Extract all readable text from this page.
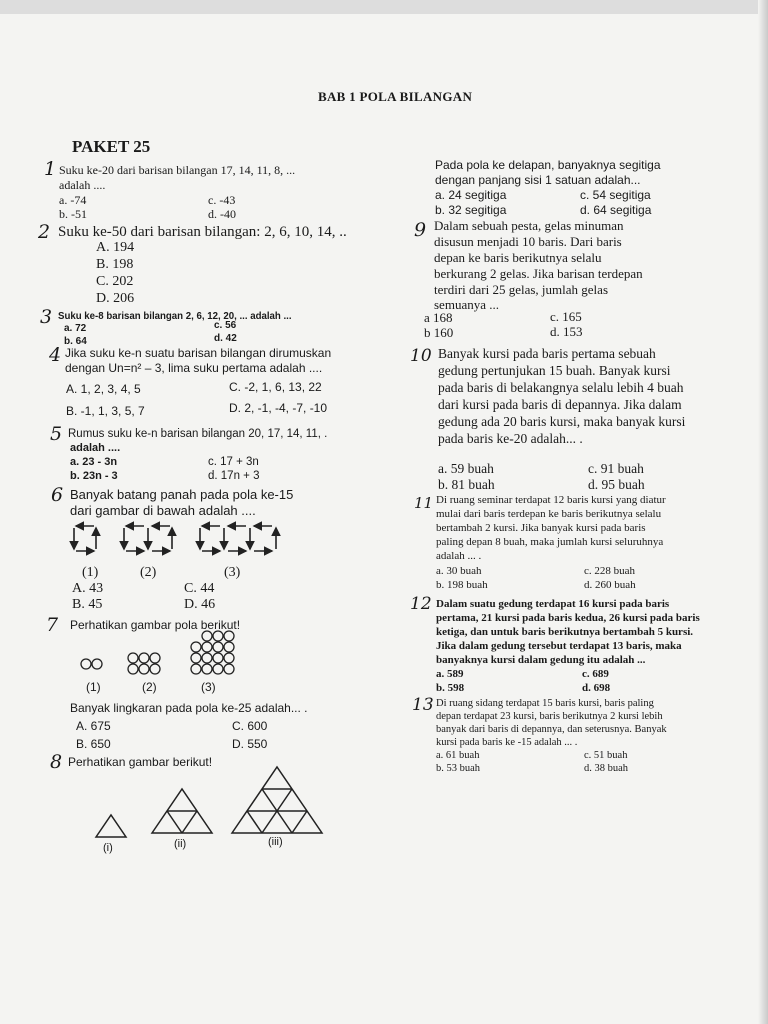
BAB 1 POLA BILANGAN
PAKET 25
1 Suku ke-20 dari barisan bilangan 17, 14, 11, 8, ...
adalah ....
a. -74
b. -51
c. -43
d. -40
2 Suku ke-50 dari barisan bilangan: 2, 6, 10, 14, ..
A. 194
B. 198
C. 202
D. 206
3 Suku ke-8 barisan bilangan 2, 6, 12, 20, ... adalah ...
a. 72
b. 64
c. 56
d. 42
4 Jika suku ke-n suatu barisan bilangan dirumuskan
dengan Un=n² – 3, lima suku pertama adalah ....
A. 1, 2, 3, 4, 5
B. -1, 1, 3, 5, 7
C. -2, 1, 6, 13, 22
D. 2, -1, -4, -7, -10
5 Rumus suku ke-n barisan bilangan 20, 17, 14, 11, .
adalah ....
a. 23 - 3n
b. 23n - 3
c. 17 + 3n
d. 17n + 3
6 Banyak batang panah pada pola ke-15
dari gambar di bawah adalah ....
(1)	(2)	(3)
A. 43
B. 45
C. 44
D. 46
7 Perhatikan gambar pola berikut!
(1)	(2)	(3)
Banyak lingkaran pada pola ke-25 adalah... .
A. 675
B. 650
C. 600
D. 550
8 Perhatikan gambar berikut!
(i)	(ii)	(iii)
Pada pola ke delapan, banyaknya segitiga
dengan panjang sisi 1 satuan adalah...
a. 24 segitiga
b. 32 segitiga
c. 54 segitiga
d. 64 segitiga
9 Dalam sebuah pesta, gelas minuman
disusun menjadi 10 baris. Dari baris
depan ke baris berikutnya selalu
berkurang 2 gelas. Jika barisan terdepan
terdiri dari 25 gelas, jumlah gelas
semuanya ...
a 168
b 160
c. 165
d. 153
10 Banyak kursi pada baris pertama sebuah
gedung pertunjukan 15 buah. Banyak kursi
pada baris di belakangnya selalu lebih 4 buah
dari kursi pada baris di depannya. Jika dalam
gedung ada 20 baris kursi, maka banyak kursi
pada baris ke-20 adalah... .
a. 59 buah
b. 81 buah
c. 91 buah
d. 95 buah
11 Di ruang seminar terdapat 12 baris kursi yang diatur
mulai dari baris terdepan ke baris berikutnya selalu
bertambah 2 kursi. Jika banyak kursi pada baris
paling depan 8 buah, maka jumlah kursi seluruhnya
adalah ... .
a. 30 buah
b. 198 buah
c. 228 buah
d. 260 buah
12 Dalam suatu gedung terdapat 16 kursi pada baris
pertama, 21 kursi pada baris kedua, 26 kursi pada baris
ketiga, dan untuk baris berikutnya bertambah 5 kursi.
Jika dalam gedung tersebut terdapat 13 baris, maka
banyaknya kursi dalam gedung itu adalah ...
a. 589
b. 598
c. 689
d. 698
13 Di ruang sidang terdapat 15 baris kursi, baris paling
depan terdapat 23 kursi, baris berikutnya 2 kursi lebih
banyak dari baris di depannya, dan seterusnya. Banyak
kursi pada baris ke -15 adalah ... .
a. 61 buah
b. 53 buah
c. 51 buah
d. 38 buah
